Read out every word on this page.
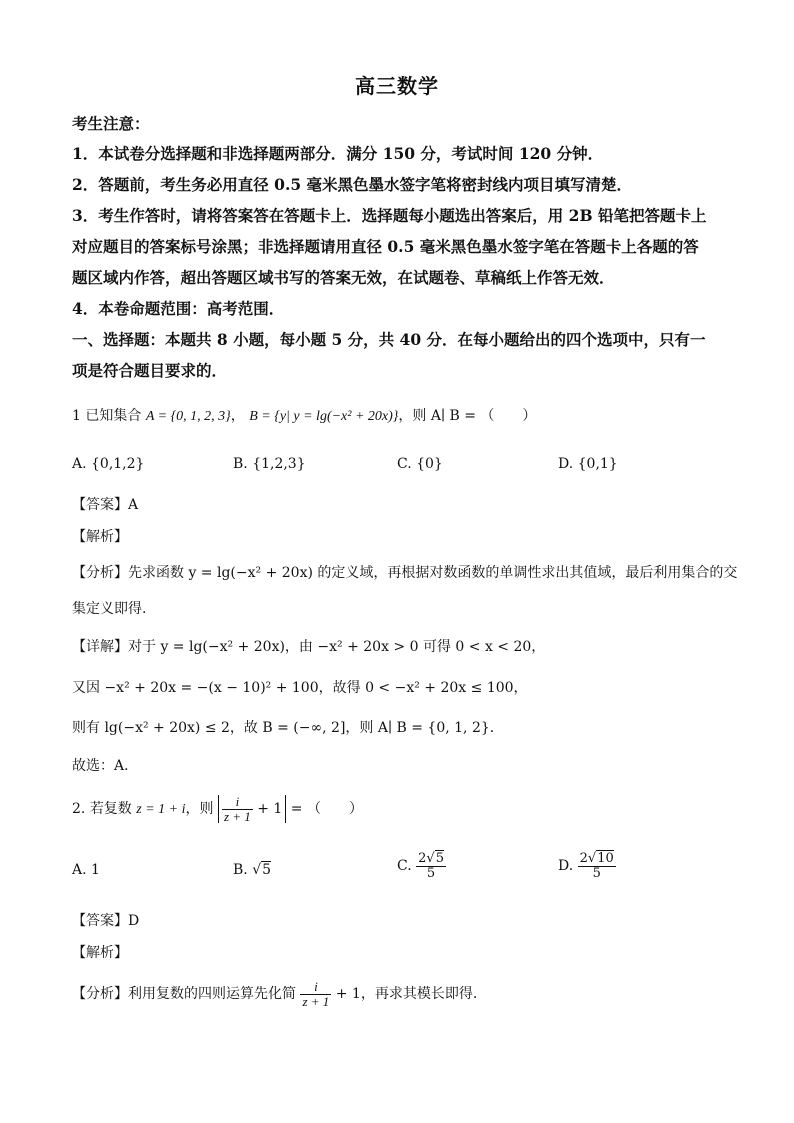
高三数学
考生注意：
1．本试卷分选择题和非选择题两部分．满分 150 分，考试时间 120 分钟．
2．答题前，考生务必用直径 0.5 毫米黑色墨水签字笔将密封线内项目填写清楚．
3．考生作答时，请将答案答在答题卡上．选择题每小题选出答案后，用 2B 铅笔把答题卡上
对应题目的答案标号涂黑；非选择题请用直径 0.5 毫米黑色墨水签字笔在答题卡上各题的答
题区域内作答，超出答题区域书写的答案无效，在试题卷、草稿纸上作答无效．
4．本卷命题范围：高考范围．
一、选择题：本题共 8 小题，每小题 5 分，共 40 分．在每小题给出的四个选项中，只有一
项是符合题目要求的．
1 已知集合 A = {0, 1, 2, 3}， B = {y| y = lg(−x² + 20x)}，则 A∣ B = （　　）
A. {0,1,2}	B. {1,2,3}	C. {0}	D. {0,1}
【答案】A
【解析】
【分析】先求函数 y = lg(−x² + 20x) 的定义域，再根据对数函数的单调性求出其值域，最后利用集合的交
集定义即得.
【详解】对于 y = lg(−x² + 20x)，由 −x² + 20x > 0 可得 0 < x < 20，
又因 −x² + 20x = −(x − 10)² + 100，故得 0 < −x² + 20x ≤ 100，
则有 lg(−x² + 20x) ≤ 2，故 B = (−∞, 2]，则 A∣ B = {0, 1, 2}．
故选：A．
2. 若复数 z = 1 + i，则 $\frac{i}{z + 1} + 1$ = （　　）
A. 1	B. √5	C. $\frac{2√5}{5}$	D. $\frac{2√10}{5}$
【答案】D
【解析】
【分析】利用复数的四则运算先化简 $\frac{i}{z + 1} + 1$，再求其模长即得.
